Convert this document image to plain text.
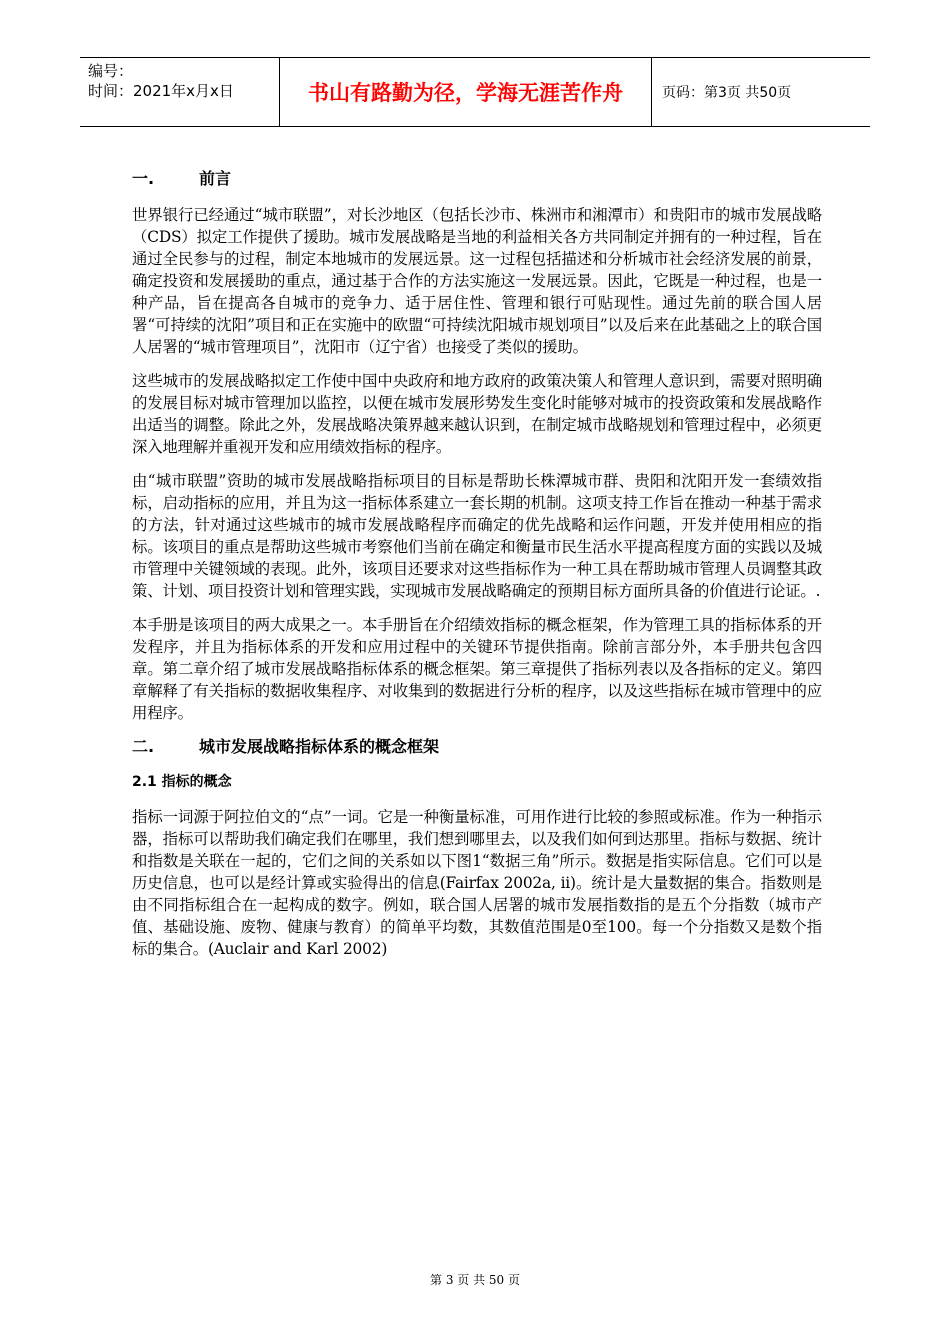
编号：
时间：2021年x月x日	书山有路勤为径，学海无涯苦作舟	页码：第3页 共50页
一.	前言

世界银行已经通过“城市联盟”，对长沙地区（包括长沙市、株洲市和湘潭市）和贵阳市的城市发展战略（CDS）拟定工作提供了援助。城市发展战略是当地的利益相关各方共同制定并拥有的一种过程，旨在通过全民参与的过程，制定本地城市的发展远景。这一过程包括描述和分析城市社会经济发展的前景，确定投资和发展援助的重点，通过基于合作的方法实施这一发展远景。因此，它既是一种过程，也是一种产品，旨在提高各自城市的竞争力、适于居住性、管理和银行可贴现性。通过先前的联合国人居署“可持续的沈阳”项目和正在实施中的欧盟“可持续沈阳城市规划项目”以及后来在此基础之上的联合国人居署的“城市管理项目”，沈阳市（辽宁省）也接受了类似的援助。

这些城市的发展战略拟定工作使中国中央政府和地方政府的政策决策人和管理人意识到，需要对照明确的发展目标对城市管理加以监控，以便在城市发展形势发生变化时能够对城市的投资政策和发展战略作出适当的调整。除此之外，发展战略决策界越来越认识到，在制定城市战略规划和管理过程中，必须更深入地理解并重视开发和应用绩效指标的程序。

由“城市联盟”资助的城市发展战略指标项目的目标是帮助长株潭城市群、贵阳和沈阳开发一套绩效指标，启动指标的应用，并且为这一指标体系建立一套长期的机制。这项支持工作旨在推动一种基于需求的方法，针对通过这些城市的城市发展战略程序而确定的优先战略和运作问题，开发并使用相应的指标。该项目的重点是帮助这些城市考察他们当前在确定和衡量市民生活水平提高程度方面的实践以及城市管理中关键领域的表现。此外，该项目还要求对这些指标作为一种工具在帮助城市管理人员调整其政策、计划、项目投资计划和管理实践，实现城市发展战略确定的预期目标方面所具备的价值进行论证。.

本手册是该项目的两大成果之一。本手册旨在介绍绩效指标的概念框架，作为管理工具的指标体系的开发程序，并且为指标体系的开发和应用过程中的关键环节提供指南。除前言部分外，本手册共包含四章。第二章介绍了城市发展战略指标体系的概念框架。第三章提供了指标列表以及各指标的定义。第四章解释了有关指标的数据收集程序、对收集到的数据进行分析的程序，以及这些指标在城市管理中的应用程序。

二.	城市发展战略指标体系的概念框架
2.1 指标的概念

指标一词源于阿拉伯文的“点”一词。它是一种衡量标准，可用作进行比较的参照或标准。作为一种指示器，指标可以帮助我们确定我们在哪里，我们想到哪里去，以及我们如何到达那里。指标与数据、统计和指数是关联在一起的，它们之间的关系如以下图1“数据三角”所示。数据是指实际信息。它们可以是历史信息，也可以是经计算或实验得出的信息(Fairfax 2002a, ii)。统计是大量数据的集合。指数则是由不同指标组合在一起构成的数字。例如，联合国人居署的城市发展指数指的是五个分指数（城市产值、基础设施、废物、健康与教育）的简单平均数，其数值范围是0至100。每一个分指数又是数个指标的集合。(Auclair and Karl 2002)

第 3 页 共 50 页
